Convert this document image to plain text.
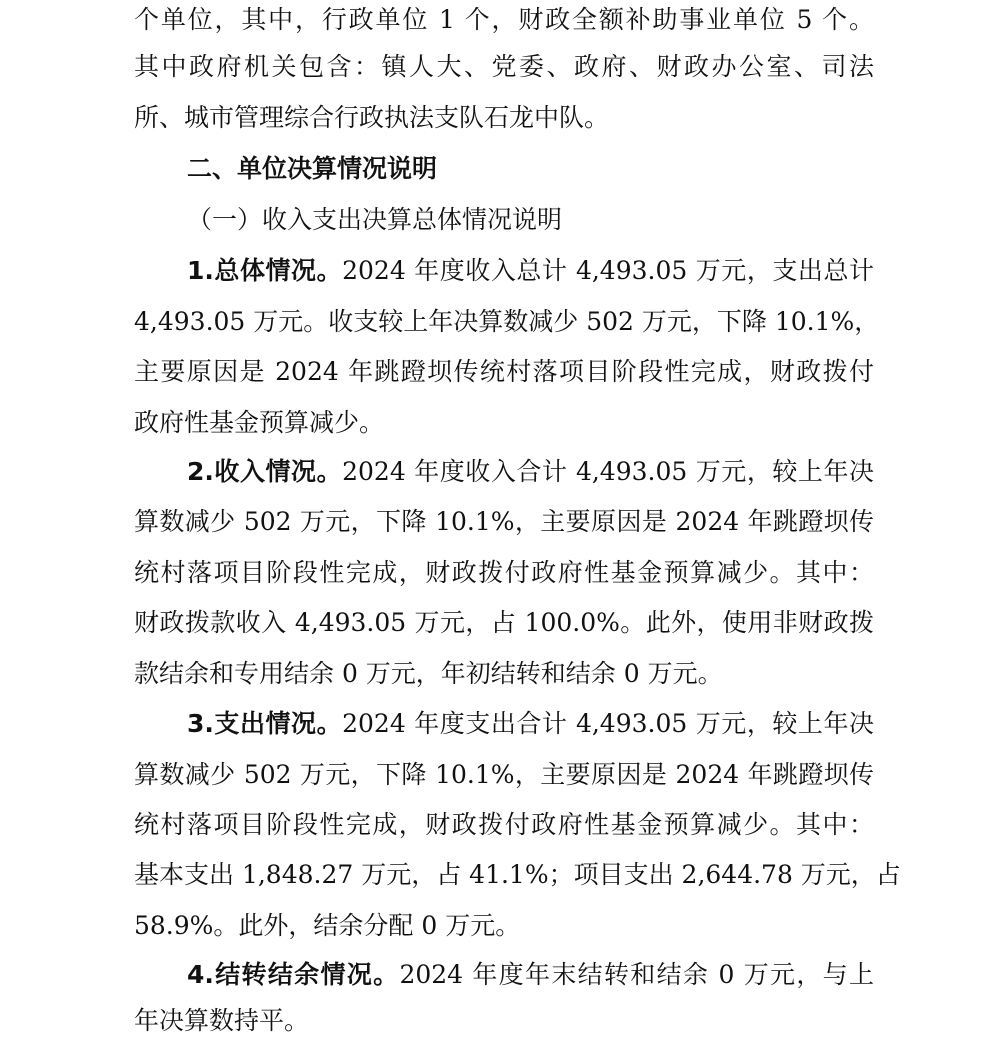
个单位，其中，行政单位 1 个，财政全额补助事业单位 5 个。
其中政府机关包含：镇人大、党委、政府、财政办公室、司法
所、城市管理综合行政执法支队石龙中队。
二、单位决算情况说明
（一）收入支出决算总体情况说明
1.总体情况。2024 年度收入总计 4,493.05 万元，支出总计
4,493.05 万元。收支较上年决算数减少 502 万元，下降 10.1%，
主要原因是 2024 年跳蹬坝传统村落项目阶段性完成，财政拨付
政府性基金预算减少。
2.收入情况。2024 年度收入合计 4,493.05 万元，较上年决
算数减少 502 万元，下降 10.1%，主要原因是 2024 年跳蹬坝传
统村落项目阶段性完成，财政拨付政府性基金预算减少。其中：
财政拨款收入 4,493.05 万元，占 100.0%。此外，使用非财政拨
款结余和专用结余 0 万元，年初结转和结余 0 万元。
3.支出情况。2024 年度支出合计 4,493.05 万元，较上年决
算数减少 502 万元，下降 10.1%，主要原因是 2024 年跳蹬坝传
统村落项目阶段性完成，财政拨付政府性基金预算减少。其中：
基本支出 1,848.27 万元，占 41.1%；项目支出 2,644.78 万元，占
58.9%。此外，结余分配 0 万元。
4.结转结余情况。2024 年度年末结转和结余 0 万元，与上
年决算数持平。
